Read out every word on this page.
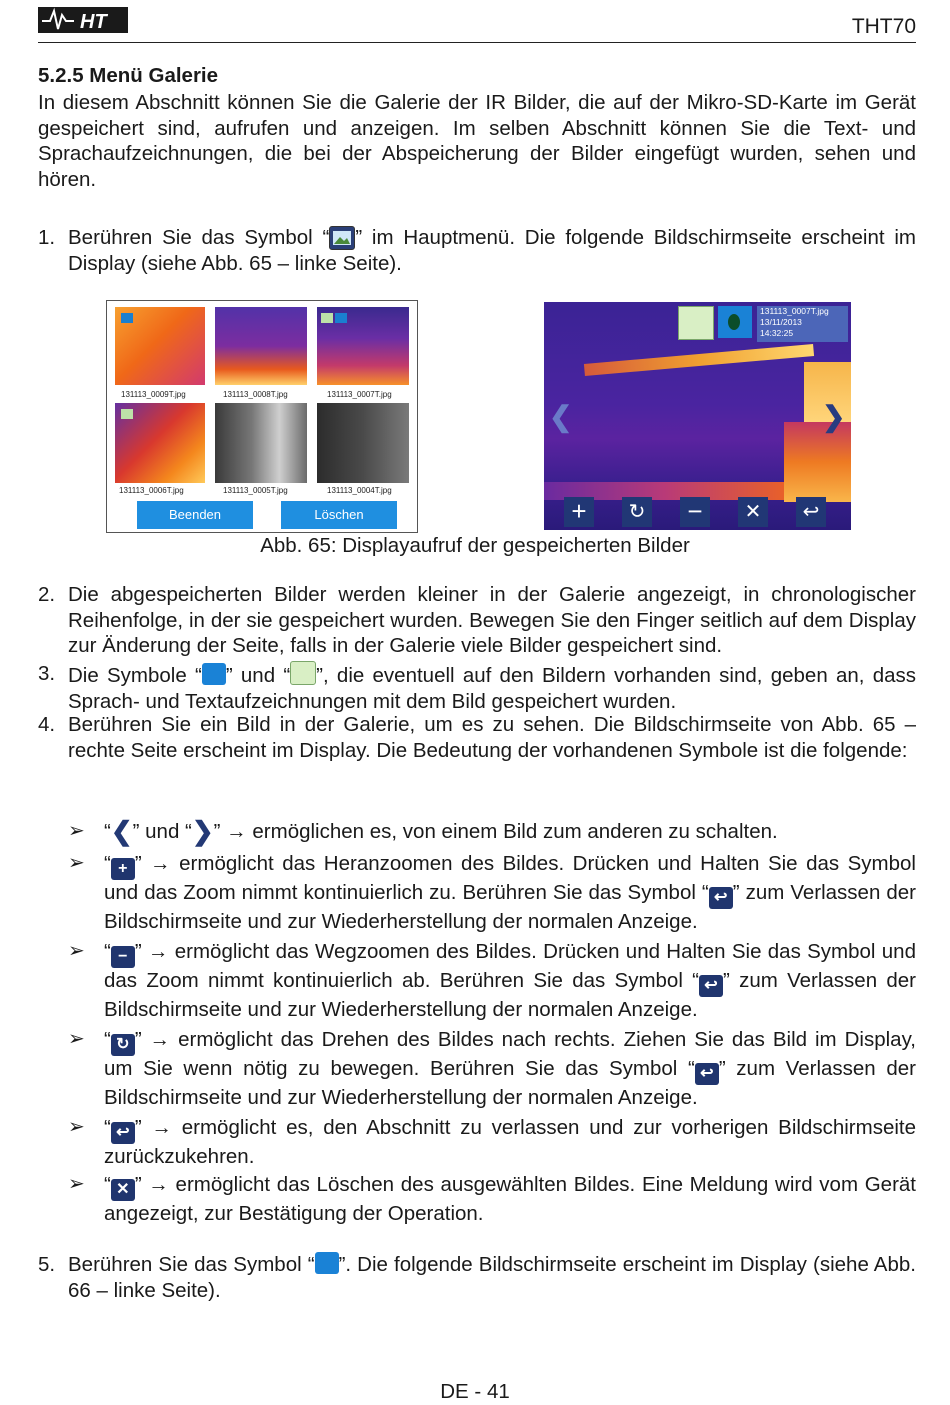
HT	THT70
5.2.5 Menü Galerie
In diesem Abschnitt können Sie die Galerie der IR Bilder, die auf der Mikro-SD-Karte im Gerät gespeichert sind, aufrufen und anzeigen. Im selben Abschnitt können Sie die Text- und Sprachaufzeichnungen, die bei der Abspeicherung der Bilder eingefügt wurden, sehen und hören.
1. Berühren Sie das Symbol “ ” im Hauptmenü. Die folgende Bildschirmseite erscheint im Display (siehe Abb. 65 – linke Seite).
131113_0009T.jpg	131113_0008T.jpg	131113_0007T.jpg
131113_0006T.jpg	131113_0005T.jpg	131113_0004T.jpg
Beenden	Löschen
131113_0007T.jpg
13/11/2013
14:32:25
❮	❯
+	↻ −	✕	↩
Abb. 65: Displayaufruf der gespeicherten Bilder
2. Die abgespeicherten Bilder werden kleiner in der Galerie angezeigt, in chronologischer Reihenfolge, in der sie gespeichert wurden. Bewegen Sie den Finger seitlich auf dem Display zur Änderung der Seite, falls in der Galerie viele Bilder gespeichert sind.
3. Die Symbole “ ” und “ ”, die eventuell auf den Bildern vorhanden sind, geben an, dass Sprach- und Textaufzeichnungen mit dem Bild gespeichert wurden.
4. Berühren Sie ein Bild in der Galerie, um es zu sehen. Die Bildschirmseite von Abb. 65 – rechte Seite erscheint im Display. Die Bedeutung der vorhandenen Symbole ist die folgende:
➢ “❮” und “❯” → ermöglichen es, von einem Bild zum anderen zu schalten.
➢ “ + ” → ermöglicht das Heranzoomen des Bildes. Drücken und Halten Sie das Symbol und das Zoom nimmt kontinuierlich zu. Berühren Sie das Symbol “ ↩ ” zum Verlassen der Bildschirmseite und zur Wiederherstellung der normalen Anzeige.
➢ “ − ” → ermöglicht das Wegzoomen des Bildes. Drücken und Halten Sie das Symbol und das Zoom nimmt kontinuierlich ab. Berühren Sie das Symbol “ ↩ ” zum Verlassen der Bildschirmseite und zur Wiederherstellung der normalen Anzeige.
➢ “ ↻ ” → ermöglicht das Drehen des Bildes nach rechts. Ziehen Sie das Bild im Display, um Sie wenn nötig zu bewegen. Berühren Sie das Symbol “ ↩ ” zum Verlassen der Bildschirmseite und zur Wiederherstellung der normalen Anzeige.
➢ “ ↩ ” → ermöglicht es, den Abschnitt zu verlassen und zur vorherigen Bildschirmseite zurückzukehren.
➢ “ ✕ ” → ermöglicht das Löschen des ausgewählten Bildes. Eine Meldung wird vom Gerät angezeigt, zur Bestätigung der Operation.
5. Berühren Sie das Symbol “ ”. Die folgende Bildschirmseite erscheint im Display (siehe Abb. 66 – linke Seite).
DE - 41
